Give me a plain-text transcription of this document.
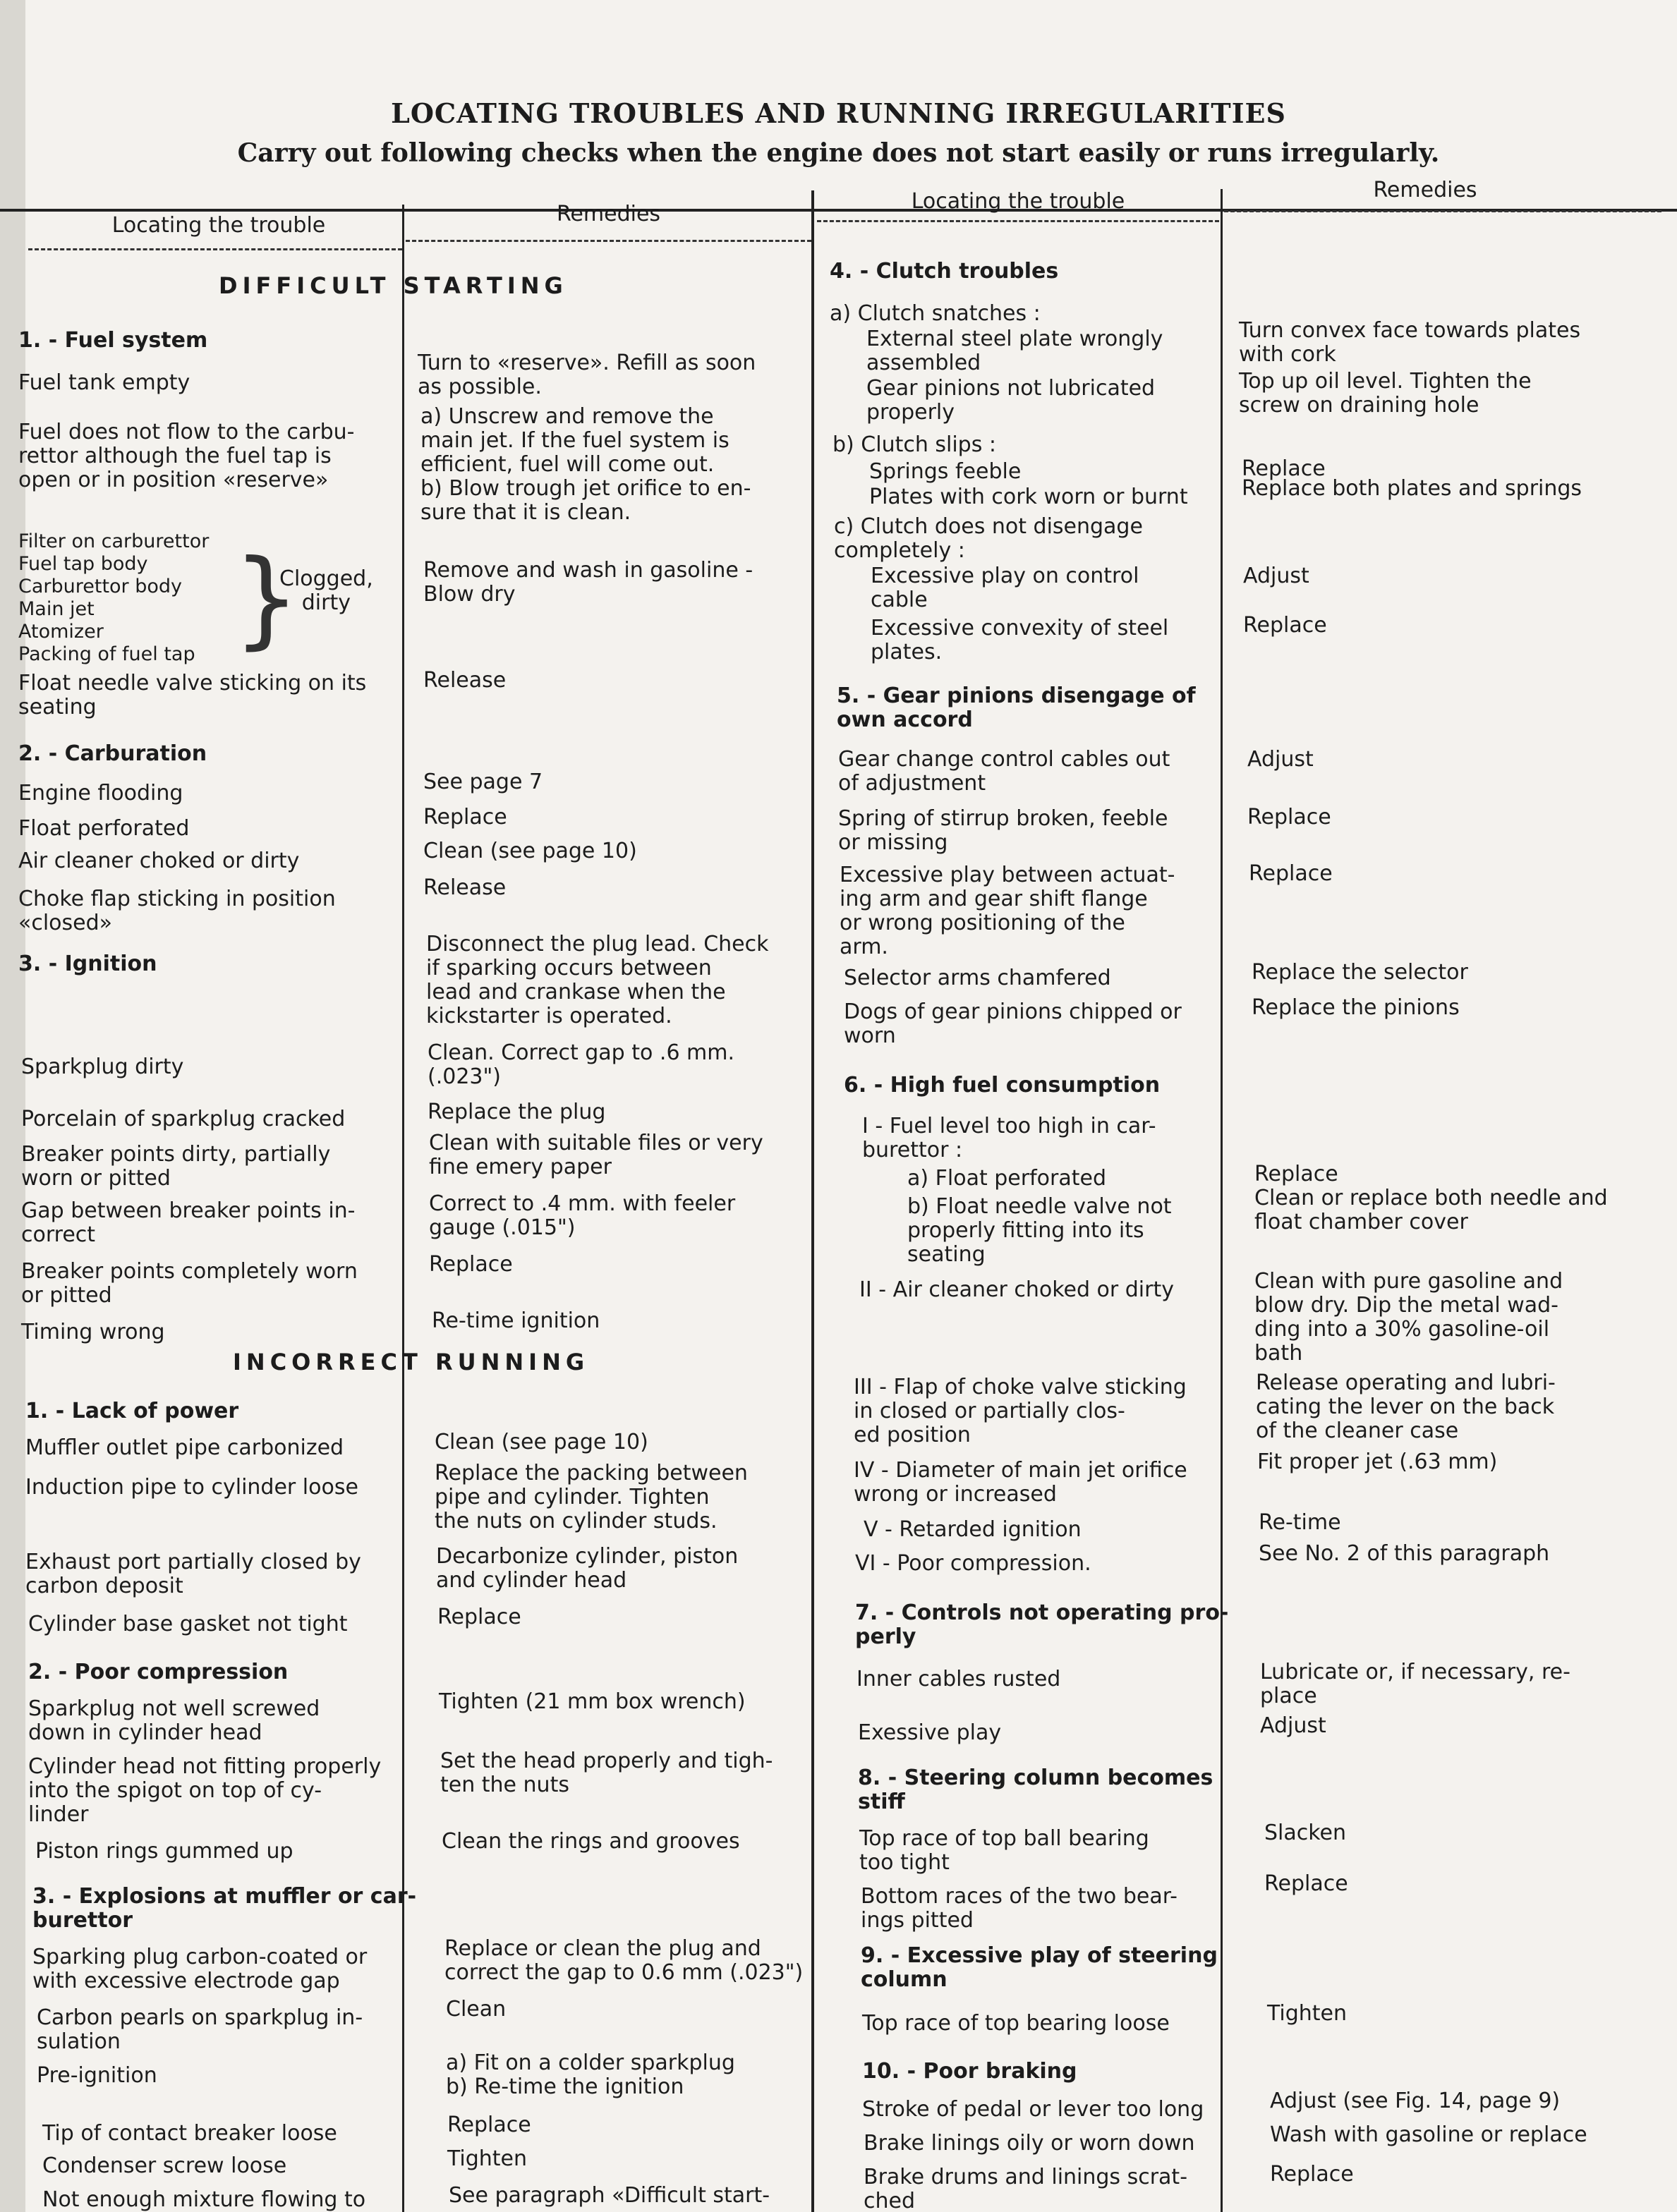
LOCATING TROUBLES AND RUNNING IRREGULARITIES
Carry out following checks when the engine does not start easily or runs irregularly.
Locating the trouble	Remedies
Locating the trouble	Remedies
DIFFICULT STARTING
INCORRECT RUNNING
1. - Fuel system
Fuel tank empty
Fuel does not flow to the carbu-
rettor although the fuel tap is
open or in position «reserve»
Filter on carburettor
Fuel tap body
Carburettor body
Main jet
Atomizer
Packing of fuel tap }
Clogged,
dirty
Float needle valve sticking on its
seating
2. - Carburation
Engine flooding
Float perforated
Air cleaner choked or dirty
Choke flap sticking in position
«closed»
3. - Ignition
Sparkplug dirty
Porcelain of sparkplug cracked
Breaker points dirty, partially
worn or pitted
Gap between breaker points in-
correct
Breaker points completely worn
or pitted
Timing wrong
1. - Lack of power
Muffler outlet pipe carbonized
Induction pipe to cylinder loose
Exhaust port partially closed by
carbon deposit
Cylinder base gasket not tight
2. - Poor compression
Sparkplug not well screwed
down in cylinder head
Cylinder head not fitting properly
into the spigot on top of cy-
linder
Piston rings gummed up
3. - Explosions at muffler or car-
burettor
Sparking plug carbon-coated or
with excessive electrode gap
Carbon pearls on sparkplug in-
sulation
Pre-ignition
Tip of contact breaker loose
Condenser screw loose
Not enough mixture flowing to
Turn to «reserve». Refill as soon
as possible.
a) Unscrew and remove the
main jet. If the fuel system is
efficient, fuel will come out.
b) Blow trough jet orifice to en-
sure that it is clean.
Remove and wash in gasoline -
Blow dry
Release
See page 7
Replace
Clean (see page 10)
Release
Disconnect the plug lead. Check
if sparking occurs between
lead and crankase when the
kickstarter is operated.
Clean. Correct gap to .6 mm.
(.023")
Replace the plug
Clean with suitable files or very
fine emery paper
Correct to .4 mm. with feeler
gauge (.015")
Replace
Re-time ignition
Clean (see page 10)
Replace the packing between
pipe and cylinder. Tighten
the nuts on cylinder studs.
Decarbonize cylinder, piston
and cylinder head
Replace
Tighten (21 mm box wrench)
Set the head properly and tigh-
ten the nuts
Clean the rings and grooves
Replace or clean the plug and
correct the gap to 0.6 mm (.023")
Clean
a) Fit on a colder sparkplug
b) Re-time the ignition
Replace
Tighten
See paragraph «Difficult start-
4. - Clutch troubles
a) Clutch snatches :
External steel plate wrongly
assembled
Gear pinions not lubricated
properly
b) Clutch slips :
Springs feeble
Plates with cork worn or burnt
c) Clutch does not disengage
completely :
Excessive play on control
cable
Excessive convexity of steel
plates.
5. - Gear pinions disengage of
own accord
Gear change control cables out
of adjustment
Spring of stirrup broken, feeble
or missing
Excessive play between actuat-
ing arm and gear shift flange
or wrong positioning of the
arm.
Selector arms chamfered
Dogs of gear pinions chipped or
worn
6. - High fuel consumption
I - Fuel level too high in car-
burettor :
a) Float perforated
b) Float needle valve not
properly fitting into its
seating
II - Air cleaner choked or dirty
III - Flap of choke valve sticking
in closed or partially clos-
ed position
IV - Diameter of main jet orifice
wrong or increased
V - Retarded ignition
VI - Poor compression.
7. - Controls not operating pro-
perly
Inner cables rusted
Exessive play
8. - Steering column becomes
stiff
Top race of top ball bearing
too tight
Bottom races of the two bear-
ings pitted
9. - Excessive play of steering
column
Top race of top bearing loose
10. - Poor braking
Stroke of pedal or lever too long
Brake linings oily or worn down
Brake drums and linings scrat-
ched
Turn convex face towards plates
with cork
Top up oil level. Tighten the
screw on draining hole
Replace
Replace both plates and springs
Adjust
Replace
Adjust
Replace
Replace
Replace the selector
Replace the pinions
Replace
Clean or replace both needle and
float chamber cover
Clean with pure gasoline and
blow dry. Dip the metal wad-
ding into a 30% gasoline-oil
bath
Release operating and lubri-
cating the lever on the back
of the cleaner case
Fit proper jet (.63 mm)
Re-time
See No. 2 of this paragraph
Lubricate or, if necessary, re-
place
Adjust
Slacken
Replace
Tighten
Adjust (see Fig. 14, page 9)
Wash with gasoline or replace
Replace
